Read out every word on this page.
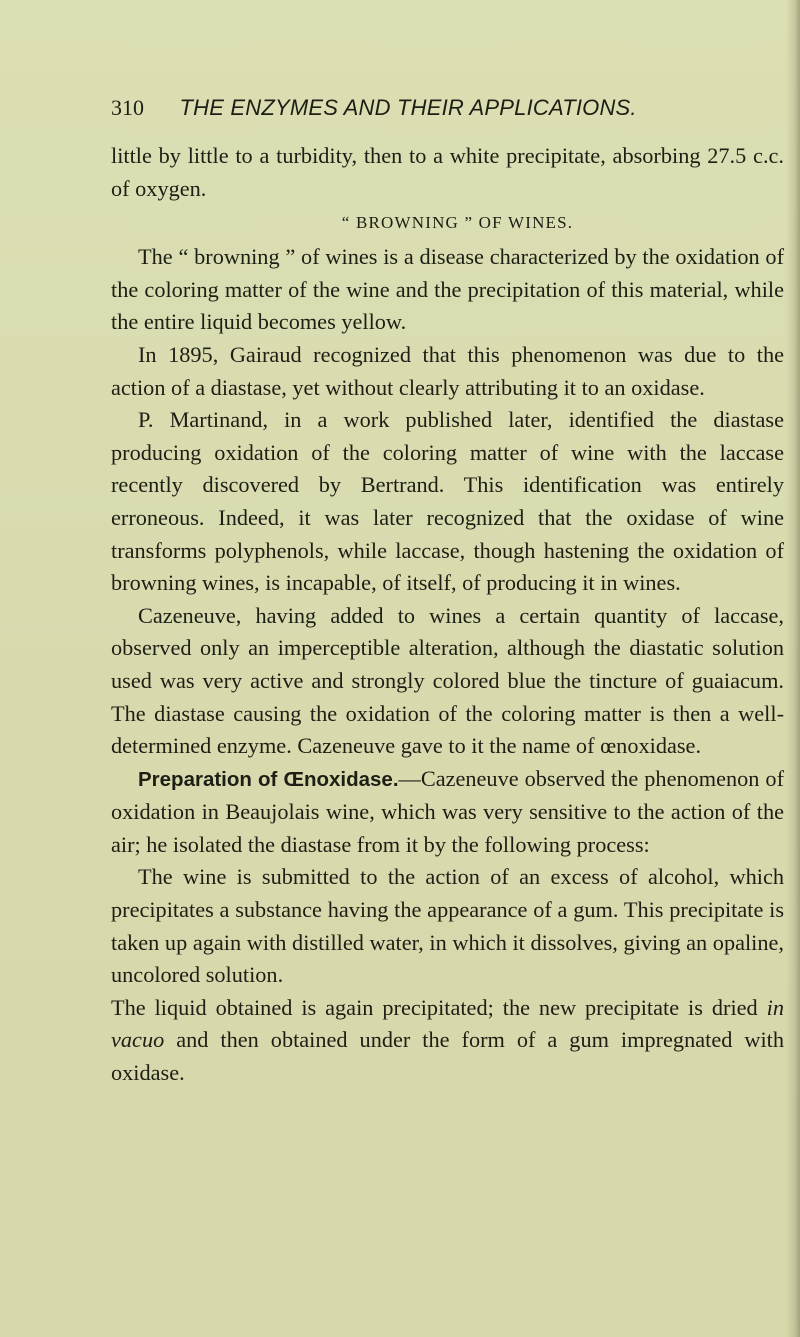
310 THE ENZYMES AND THEIR APPLICATIONS.

little by little to a turbidity, then to a white precipitate, absorbing 27.5 c.c. of oxygen.

“ BROWNING ” OF WINES.

The “ browning ” of wines is a disease characterized by the oxidation of the coloring matter of the wine and the precipitation of this material, while the entire liquid becomes yellow.

In 1895, Gairaud recognized that this phenomenon was due to the action of a diastase, yet without clearly attributing it to an oxidase.

P. Martinand, in a work published later, identified the diastase producing oxidation of the coloring matter of wine with the laccase recently discovered by Bertrand. This identification was entirely erroneous. Indeed, it was later recognized that the oxidase of wine transforms polyphenols, while laccase, though hastening the oxidation of browning wines, is incapable, of itself, of producing it in wines.

Cazeneuve, having added to wines a certain quantity of laccase, observed only an imperceptible alteration, although the diastatic solution used was very active and strongly colored blue the tincture of guaiacum. The diastase causing the oxidation of the coloring matter is then a well-determined enzyme. Cazeneuve gave to it the name of œnoxidase.

Preparation of Œnoxidase.—Cazeneuve observed the phenomenon of oxidation in Beaujolais wine, which was very sensitive to the action of the air; he isolated the diastase from it by the following process:

The wine is submitted to the action of an excess of alcohol, which precipitates a substance having the appearance of a gum. This precipitate is taken up again with distilled water, in which it dissolves, giving an opaline, uncolored solution.

The liquid obtained is again precipitated; the new precipitate is dried in vacuo and then obtained under the form of a gum impregnated with oxidase.
